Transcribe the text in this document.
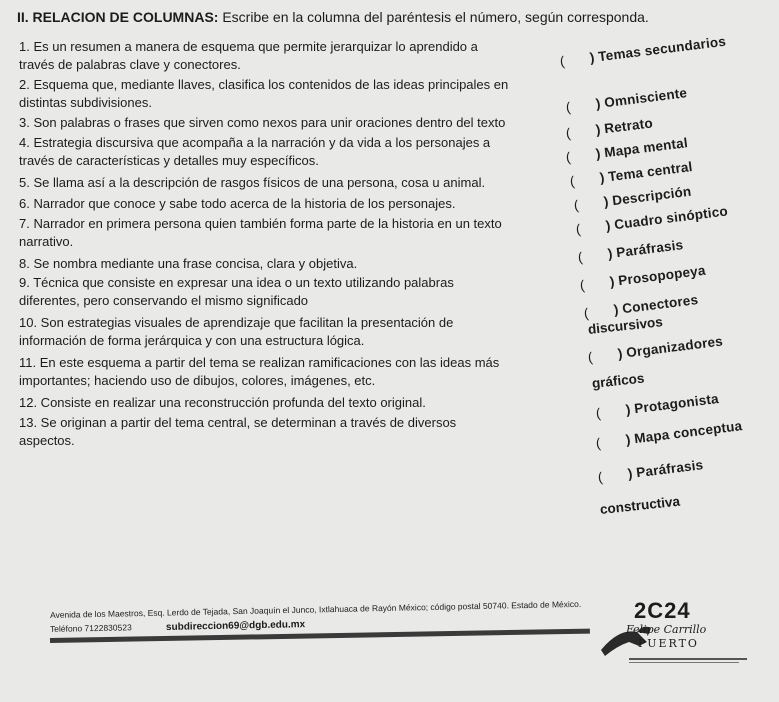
II. RELACION DE COLUMNAS: Escribe en la columna del paréntesis el número, según corresponda.
1. Es un resumen a manera de esquema que permite jerarquizar lo aprendido a
través de palabras clave y conectores.
2. Esquema que, mediante llaves, clasifica los contenidos de las ideas principales en
distintas subdivisiones.
3. Son palabras o frases que sirven como nexos para unir oraciones dentro del texto
4. Estrategia discursiva que acompaña a la narración y da vida a los personajes a
través de características y detalles muy específicos.
5. Se llama así a la descripción de rasgos físicos de una persona, cosa u animal.
6. Narrador que conoce y sabe todo acerca de la historia de los personajes.
7. Narrador en primera persona quien también forma parte de la historia en un texto
narrativo.
8. Se nombra mediante una frase concisa, clara y objetiva.
9. Técnica que consiste en expresar una idea o un texto utilizando palabras
diferentes, pero conservando el mismo significado
10. Son estrategias visuales de aprendizaje que facilitan la presentación de
información de forma jerárquica y con una estructura lógica.
11. En este esquema a partir del tema se realizan ramificaciones con las ideas más
importantes; haciendo uso de dibujos, colores, imágenes, etc.
12. Consiste en realizar una reconstrucción profunda del texto original.
13. Se originan a partir del tema central, se determinan a través de diversos
aspectos.
( ) Temas secundarios
( ) Omnisciente
( ) Retrato
( ) Mapa mental
( ) Tema central
( ) Descripción
( ) Cuadro sinóptico
( ) Paráfrasis
( ) Prosopopeya
( ) Conectores
discursivos
( ) Organizadores
gráficos
( ) Protagonista
( ) Mapa conceptua
( ) Paráfrasis
constructiva
Avenida de los Maestros, Esq. Lerdo de Tejada, San Joaquín el Junco, Ixtlahuaca de Rayón México; código postal 50740. Estado de México.
Teléfono 7122830523	subdireccion69@dgb.edu.mx
2C24
Felipe Carrillo
PUERTO
